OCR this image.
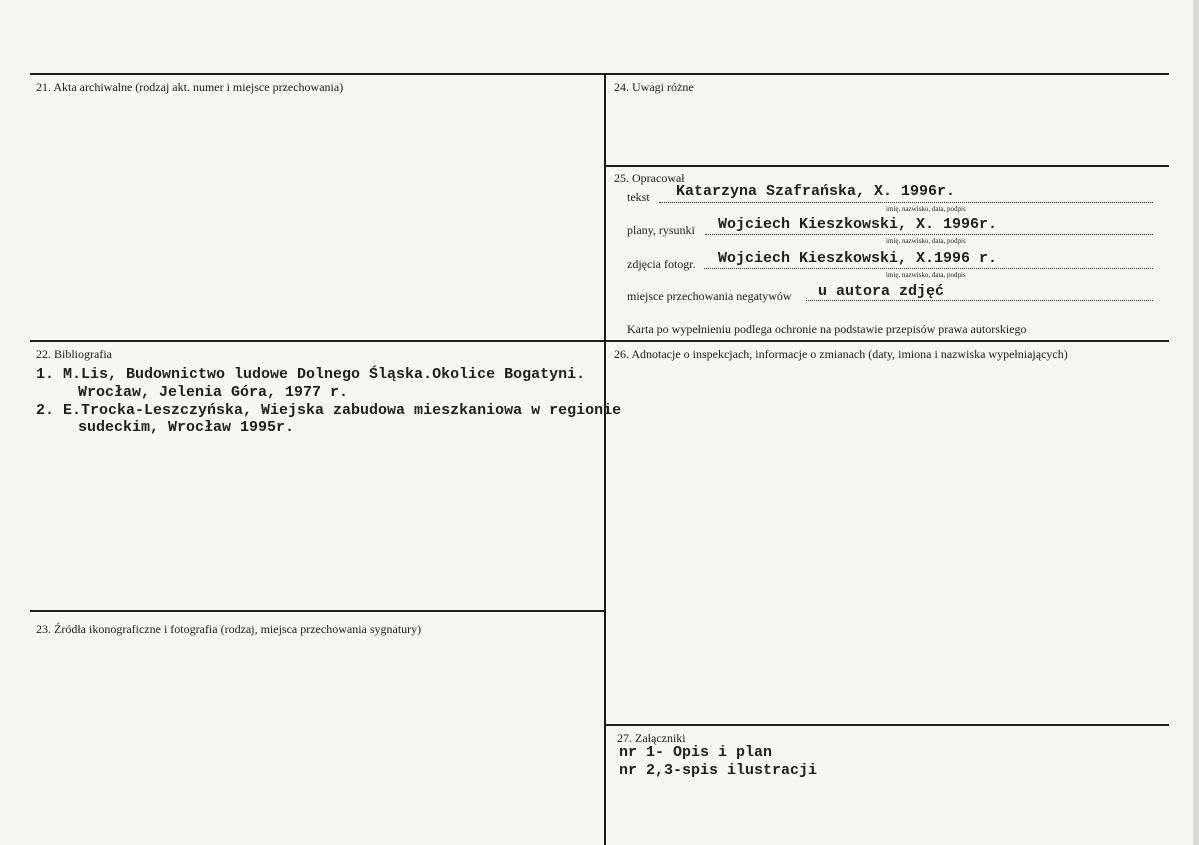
21. Akta archiwalne (rodzaj akt. numer i miejsce przechowania)	24. Uwagi różne
25. Opracował
tekst Katarzyna Szafrańska, X. 1996r.
imię, nazwisko, data, podpis
plany, rysunki Wojciech Kieszkowski, X. 1996r.
imię, nazwisko, data, podpis
zdjęcia fotogr. Wojciech Kieszkowski, X.1996 r.
imię, nazwisko, data, podpis
miejsce przechowania negatywów u autora zdjęć
Karta po wypełnieniu podlega ochronie na podstawie przepisów prawa autorskiego
22. Bibliografia
1. M.Lis, Budownictwo ludowe Dolnego Śląska.Okolice Bogatyni.
Wrocław, Jelenia Góra, 1977 r.
2. E.Trocka-Leszczyńska, Wiejska zabudowa mieszkaniowa w regionie
sudeckim, Wrocław 1995r.
26. Adnotacje o inspekcjach, informacje o zmianach (daty, imiona i nazwiska wypełniających)
23. Źródła ikonograficzne i fotografia (rodzaj, miejsca przechowania sygnatury)
27. Załączniki
nr 1- Opis i plan
nr 2,3-spis ilustracji
